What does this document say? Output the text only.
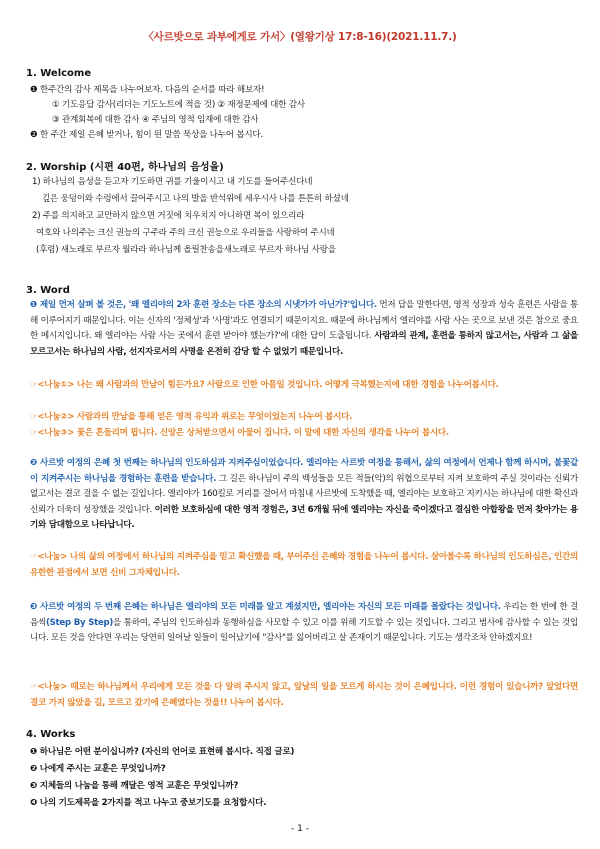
〈사르밧으로 과부에게로 가서〉(열왕기상 17:8-16)(2021.11.7.)
1. Welcome
❶ 한주간의 감사 제목을 나누어보자. 다음의 순서를 따라 해보자!
① 기도응답 감사(리더는 기도노트에 적을 것) ② 재정문제에 대한 감사
③ 관계회복에 대한 감사 ④ 주님의 영적 임재에 대한 감사
❷ 한 주간 제일 은혜 받거나, 힘이 된 말씀 묵상을 나누어 봅시다.
2. Worship (시편 40편, 하나님의 음성을)
1) 하나님의 음성을 듣고자 기도하면 귀를 기울이시고 내 기도를 들어주신다네
깊은 웅덩이와 수렁에서 끌어주시고 나의 발을 반석위에 세우시사 나를 튼튼히 하셨네
2) 주를 의지하고 교만하지 않으면 거짓에 치우치지 아니하면 복이 있으리라
여호와 나의주는 크신 권능의 구주라 주의 크신 권능으로 우리들을 사랑하여 주시네
(후렴) 새노래로 부르자 월라라 하나님께 올릴찬송을새노래로 부르자 하나님 사랑을
3. Word
❶ 제일 먼저 살펴 볼 것은, '왜 엘리야의 2차 훈련 장소는 다른 장소의 시냇가가 아닌가?'입니다. 먼저 답을 말한다면, 영적 성장과 성숙 훈련은 사람을 통해 이루어지기 때문입니다. 이는 신자의 '정체성'과 '사명'과도 연결되기 때문이지요. 때문에 하나님께서 엘리야를 사람 사는 곳으로 보낸 것은 참으로 중요한 메시지입니다. 왜 엘리야는 사람 사는 곳에서 훈련 받아야 했는가?'에 대한 답이 도출됩니다. 사람과의 관계, 훈련을 통하지 않고서는, 사람과 그 삶을 모르고서는 하나님의 사람, 선지자로서의 사명을 온전히 감당 할 수 없었기 때문입니다.
☞<나눔①> 나는 왜 사람과의 만남이 힘든가요? 사람으로 인한 아픔일 것입니다. 어떻게 극복했는지에 대한 경험을 나누어봅시다.
☞<나눔②> 사람과의 만남을 통해 얻은 영적 유익과 위로는 무엇이었는지 나누어 봅시다.
☞<나눔③> 꽃은 흔들리며 핍니다. 신앙은 상처받으면서 아물어 집니다. 이 말에 대한 자신의 생각을 나누어 봅시다.
❷ 사르밧 여정의 은혜 첫 번째는 하나님의 인도하심과 지켜주심이었습니다. 엘리야는 사르밧 여정을 통해서, 삶의 여정에서 언제나 함께 하시며, 불꽃같이 지켜주시는 하나님을 경험하는 훈련을 받습니다. 그 길은 하나님이 주의 백성들을 모든 적들(악)의 위협으로부터 지켜 보호하여 주실 것이라는 신뢰가 없고서는 결코 걸을 수 없는 길입니다. 엘리야가 160킬로 거리를 걸어서 마침내 사르밧에 도착했을 때, 엘리야는 보호하고 지키시는 하나님에 대한 확신과 신뢰가 더욱더 성장했을 것입니다. 이러한 보호하심에 대한 영적 경험은, 3년 6개월 뒤에 엘리야는 자신을 죽이겠다고 결심한 아합왕을 먼저 찾아가는 용기와 담대함으로 나타납니다.
☞<나눔> 나의 삶의 여정에서 하나님의 지켜주심을 믿고 확신했을 때, 부어주신 은혜와 경험을 나누어 봅시다. 살아볼수록 하나님의 인도하심은, 인간의 유한한 관점에서 보면 신비 그자체입니다.
❸ 사르밧 여정의 두 번째 은혜는 하나님은 엘리야의 모든 미래를 알고 계셨지만, 엘리야는 자신의 모든 미래를 몰랐다는 것입니다. 우리는 한 번에 한 걸음씩(Step By Step)을 통하여, 주님의 인도하심과 동행하심을 사모할 수 있고 이를 위해 기도할 수 있는 것입니다. 그리고 범사에 감사할 수 있는 것입니다. 모든 것을 안다면 우리는 당연히 일어날 일들이 일어났기에 "감사"를 잃어버리고 살 존재이기 때문입니다. 기도는 생각조차 안하겠지요!
☞<나눔> 때로는 하나님께서 우리에게 모든 것을 다 알려 주시지 않고, 앞날의 일을 모르게 하시는 것이 은혜입니다. 이런 경험이 있습니까? 앞었다면 결코 가지 않았을 길, 모르고 갔기에 은혜였다는 것을!! 나누어 봅시다.
4. Works
❶ 하나님은 어떤 분이십니까? (자신의 언어로 표현해 봅시다. 직접 글로)
❷ 나에게 주시는 교훈은 무엇입니까?
❸ 지체들의 나눔을 통해 깨달은 영적 교훈은 무엇입니까?
❹ 나의 기도제목을 2가지를 적고 나누고 중보기도를 요청합시다.
- 1 -
